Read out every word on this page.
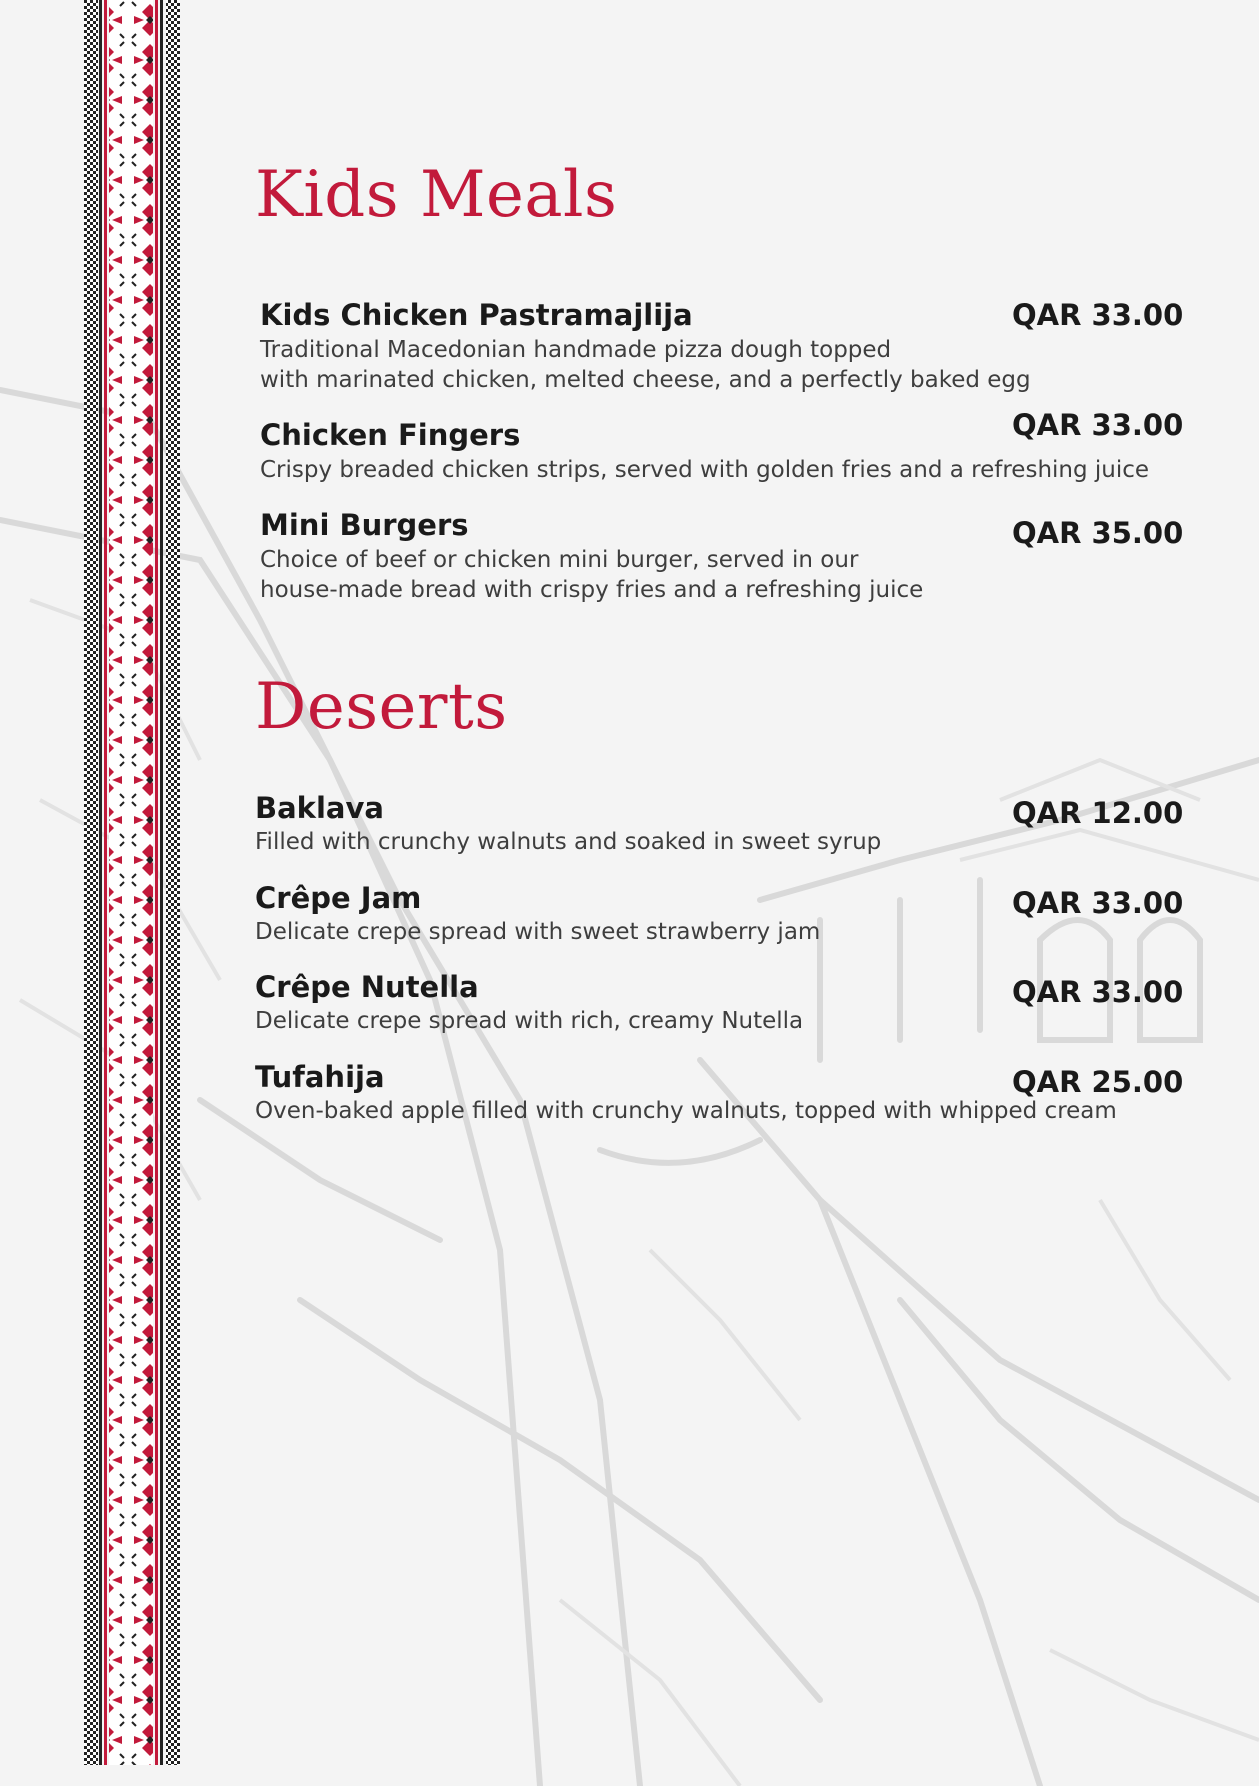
Kids Meals
Kids Chicken Pastramajlija	QAR 33.00
Traditional Macedonian handmade pizza dough topped
with marinated chicken, melted cheese, and a perfectly baked egg
Chicken Fingers	QAR 33.00
Crispy breaded chicken strips, served with golden fries and a refreshing juice
Mini Burgers	QAR 35.00
Choice of beef or chicken mini burger, served in our
house-made bread with crispy fries and a refreshing juice
Deserts
Baklava	QAR 12.00
Filled with crunchy walnuts and soaked in sweet syrup
Crêpe Jam	QAR 33.00
Delicate crepe spread with sweet strawberry jam
Crêpe Nutella	QAR 33.00
Delicate crepe spread with rich, creamy Nutella
Tufahija	QAR 25.00
Oven-baked apple filled with crunchy walnuts, topped with whipped cream
